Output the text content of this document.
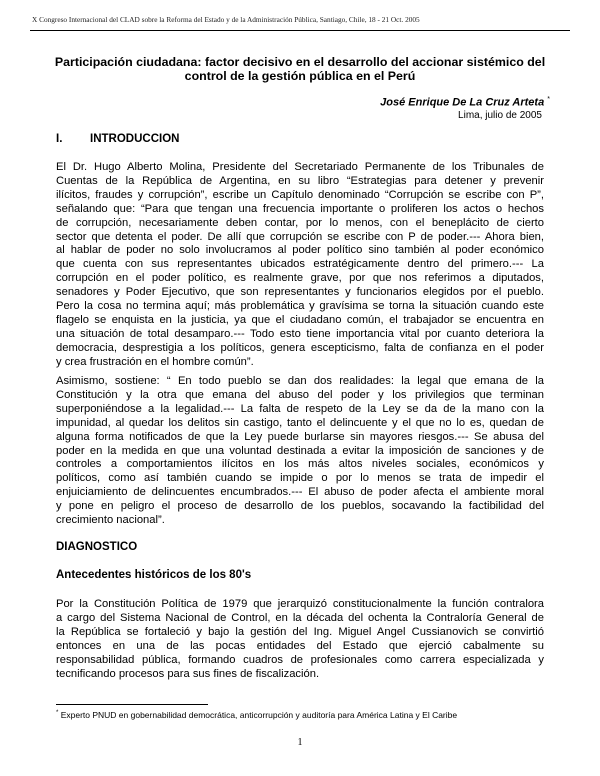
X Congreso Internacional del CLAD sobre la Reforma del Estado y de la Administración Pública, Santiago, Chile, 18 - 21 Oct. 2005
Participación ciudadana: factor decisivo en el desarrollo del accionar sistémico del
control de la gestión pública en el Perú
José Enrique De La Cruz Arteta *
Lima, julio de 2005
I. INTRODUCCION
El Dr. Hugo Alberto Molina, Presidente del Secretariado Permanente de los Tribunales de
Cuentas de la República de Argentina, en su libro “Estrategias para detener y prevenir
ilícitos, fraudes y corrupción”, escribe un Capítulo denominado “Corrupción se escribe con P”,
señalando que: “Para que tengan una frecuencia importante o proliferen los actos o hechos
de corrupción, necesariamente deben contar, por lo menos, con el beneplácito de cierto
sector que detenta el poder. De allí que corrupción se escribe con P de poder.--- Ahora bien,
al hablar de poder no solo involucramos al poder político sino también al poder económico
que cuenta con sus representantes ubicados estratégicamente dentro del primero.--- La
corrupción en el poder político, es realmente grave, por que nos referimos a diputados,
senadores y Poder Ejecutivo, que son representantes y funcionarios elegidos por el pueblo.
Pero la cosa no termina aquí; más problemática y gravísima se torna la situación cuando este
flagelo se enquista en la justicia, ya que el ciudadano común, el trabajador se encuentra en
una situación de total desamparo.--- Todo esto tiene importancia vital por cuanto deteriora la
democracia, desprestigia a los políticos, genera escepticismo, falta de confianza en el poder
y crea frustración en el hombre común”.
Asimismo, sostiene: “ En todo pueblo se dan dos realidades: la legal que emana de la
Constitución y la otra que emana del abuso del poder y los privilegios que terminan
superponiéndose a la legalidad.--- La falta de respeto de la Ley se da de la mano con la
impunidad, al quedar los delitos sin castigo, tanto el delincuente y el que no lo es, quedan de
alguna forma notificados de que la Ley puede burlarse sin mayores riesgos.--- Se abusa del
poder en la medida en que una voluntad destinada a evitar la imposición de sanciones y de
controles a comportamientos ilícitos en los más altos niveles sociales, económicos y
políticos, como así también cuando se impide o por lo menos se trata de impedir el
enjuiciamiento de delincuentes encumbrados.--- El abuso de poder afecta el ambiente moral
y pone en peligro el proceso de desarrollo de los pueblos, socavando la factibilidad del
crecimiento nacional”.
DIAGNOSTICO
Antecedentes históricos de los 80's
Por la Constitución Política de 1979 que jerarquizó constitucionalmente la función contralora
a cargo del Sistema Nacional de Control, en la década del ochenta la Contraloría General de
la República se fortaleció y bajo la gestión del Ing. Miguel Angel Cussianovich se convirtió
entonces en una de las pocas entidades del Estado que ejerció cabalmente su
responsabilidad pública, formando cuadros de profesionales como carrera especializada y
tecnificando procesos para sus fines de fiscalización.
* Experto PNUD en gobernabilidad democrática, anticorrupción y auditoría para América Latina y El Caribe
1
